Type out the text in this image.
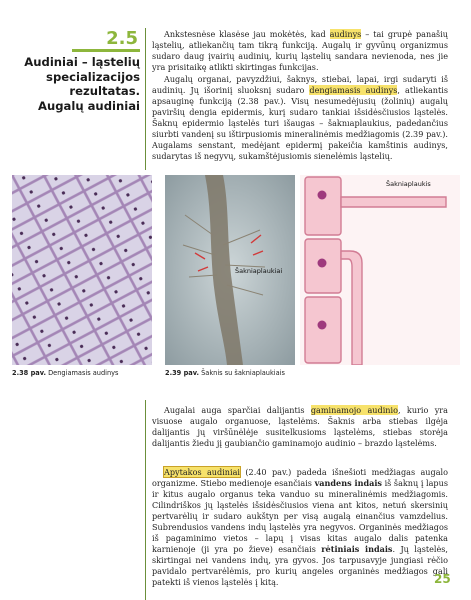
2.5
Audiniai – ląstelių
specializacijos
rezultatas.
Augalų audiniai

Ankstesnėse klasėse jau mokėtės, kad audinys – tai grupė panašių ląstelių, atliekančių tam tikrą funkciją. Augalų ir gyvūnų organizmus sudaro daug įvairių audinių, kurių ląstelių sandara nevienoda, nes jie yra prisitaikę atlikti skirtingas funkcijas.

Augalų organai, pavyzdžiui, šaknys, stiebai, lapai, irgi sudaryti iš audinių. Jų išoriniį sluoksnį sudaro dengiamasis audinys, atliekantis apsauginę funkciją (2.38 pav.). Visų nesumedėjusių (žolinių) augalų paviršių dengia epidermis, kurį sudaro tankiai išsidėsčiusios ląstelės. Šaknų epidermio ląstelės turi išaugas – šaknıaplaukius, padedančius siurbti vandenį su ištirpusiomis mineralinėmis medžiagomis (2.39 pav.). Augalams senstant, medėjant epidermį pakeičia kamštinis audinys, sudarytas iš negyvų, sukamštėjusiomis sienelėmis ląstelių.

Šakniaplaukiai
Šakniaplaukis
2.38 pav. Dengiamasis audinys	2.39 pav. Šaknis su šakniaplaukiais

Augalai auga sparčiai dalijantis gaminamojo audinio, kurio yra visuose augalo organuose, ląstelėms. Šaknis arba stiebas ilgėja dalijantis jų viršūnėlėje susitelkusioms ląstelėms, stiebas storėja dalijantis žiedu jį gaubiančio gaminamojo audinio – brazdo ląstelėms.

Apytakos audiniai (2.40 pav.) padeda išnešioti medžiagas augalo organizme. Stiebo medienoje esančiais vandens indais iš šaknų į lapus ir kitus augalo organus teka vanduo su mineralinėmis medžiagomis. Cilindriškos jų ląstelės išsidėsčiusios viena ant kitos, netuń skersinių pertvarėlių ir sudaro aukštyn per visą augalą einančius vamzdelius. Subrendusios vandens indų ląstelės yra negyvos. Organinės medžiagos iš pagaminimo vietos – lapų į visas kitas augalo dalis patenka karnienoje (ji yra po žieve) esančiais rėtiniais indais. Jų ląstelės, skirtingai nei vandens indų, yra gyvos. Jos tarpusavyje jungiasi rėčio pavidalo pertvarėlėmis, pro kurių angeles organinės medžiagos gali patekti iš vienos ląstelės į kitą.	25
